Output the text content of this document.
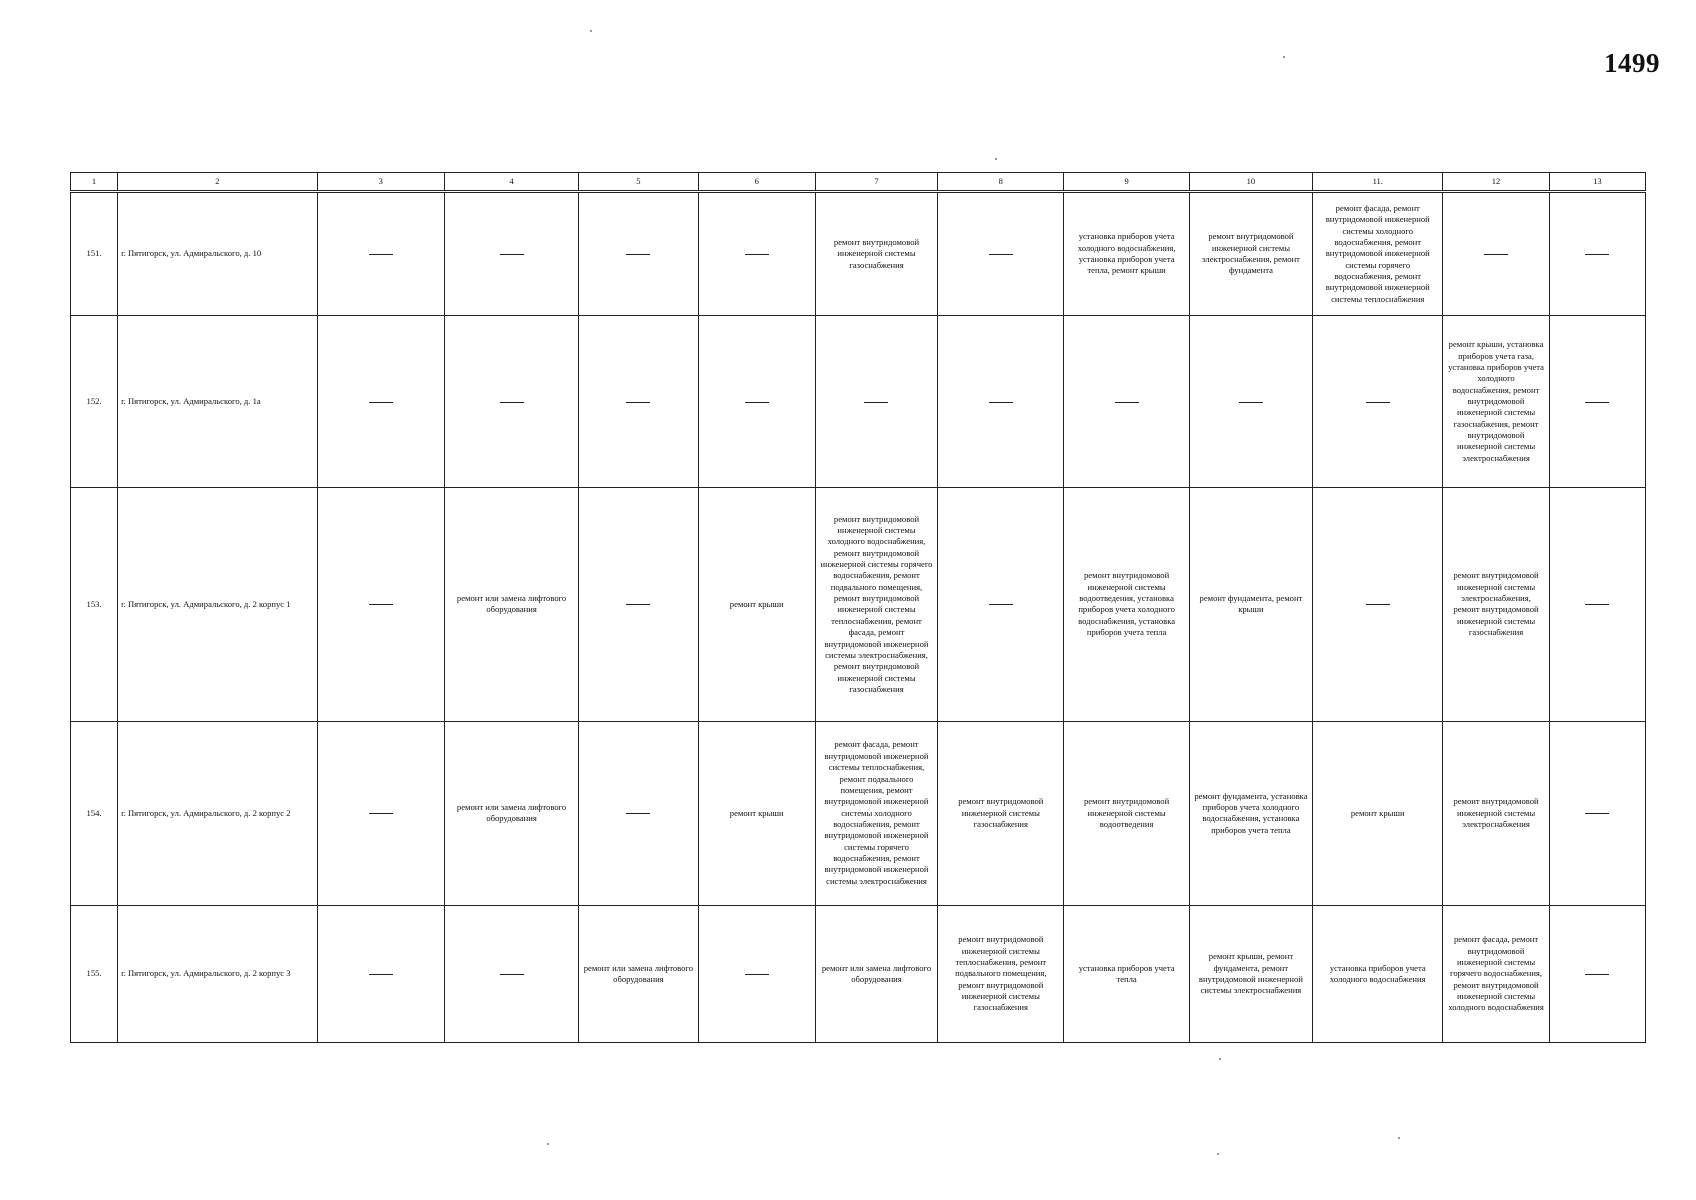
1499
1	2	3	4	5	6	7	8	9	10	11.	12	13
151.	г. Пятигорск, ул. Адмиральского, д. 10					ремонт внутридомовой инженерной системы газоснабжения		установка приборов учета холодного водоснабжения, установка приборов учета тепла, ремонт крыши	ремонт внутридомовой инженерной системы электроснабжения, ремонт фундамента	ремонт фасада, ремонт внутридомовой инженерной системы холодного водоснабжения, ремонт внутридомовой инженерной системы горячего водоснабжения, ремонт внутридомовой инженерной системы теплоснабжения		
152.	г. Пятигорск, ул. Адмиральского, д. 1а										ремонт крыши, установка приборов учета газа, установка приборов учета холодного водоснабжения, ремонт внутридомовой инженерной системы газоснабжения, ремонт внутридомовой инженерной системы электроснабжения	
153.	г. Пятигорск, ул. Адмиральского, д. 2 корпус 1		ремонт или замена лифтового оборудования		ремонт крыши	ремонт внутридомовой инженерной системы холодного водоснабжения, ремонт внутридомовой инженерной системы горячего водоснабжения, ремонт подвального помещения, ремонт внутридомовой инженерной системы теплоснабжения, ремонт фасада, ремонт внутридомовой инженерной системы электроснабжения, ремонт внутридомовой инженерной системы газоснабжения		ремонт внутридомовой инженерной системы водоотведения, установка приборов учета холодного водоснабжения, установка приборов учета тепла	ремонт фундамента, ремонт крыши		ремонт внутридомовой инженерной системы электроснабжения, ремонт внутридомовой инженерной системы газоснабжения	
154.	г. Пятигорск, ул. Адмиральского, д. 2 корпус 2		ремонт или замена лифтового оборудования		ремонт крыши	ремонт фасада, ремонт внутридомовой инженерной системы теплоснабжения, ремонт подвального помещения, ремонт внутридомовой инженерной системы холодного водоснабжения, ремонт внутридомовой инженерной системы горячего водоснабжения, ремонт внутридомовой инженерной системы электроснабжения	ремонт внутридомовой инженерной системы газоснабжения	ремонт внутридомовой инженерной системы водоотведения	ремонт фундамента, установка приборов учета холодного водоснабжения, установка приборов учета тепла	ремонт крыши	ремонт внутридомовой инженерной системы электроснабжения	
155.	г. Пятигорск, ул. Адмиральского, д. 2 корпус 3			ремонт или замена лифтового оборудования		ремонт или замена лифтового оборудования	ремонт внутридомовой инженерной системы теплоснабжения, ремонт подвального помещения, ремонт внутридомовой инженерной системы газоснабжения	установка приборов учета тепла	ремонт крыши, ремонт фундамента, ремонт внутридомовой инженерной системы электроснабжения	установка приборов учета холодного водоснабжения	ремонт фасада, ремонт внутридомовой инженерной системы горячего водоснабжения, ремонт внутридомовой инженерной системы холодного водоснабжения	
